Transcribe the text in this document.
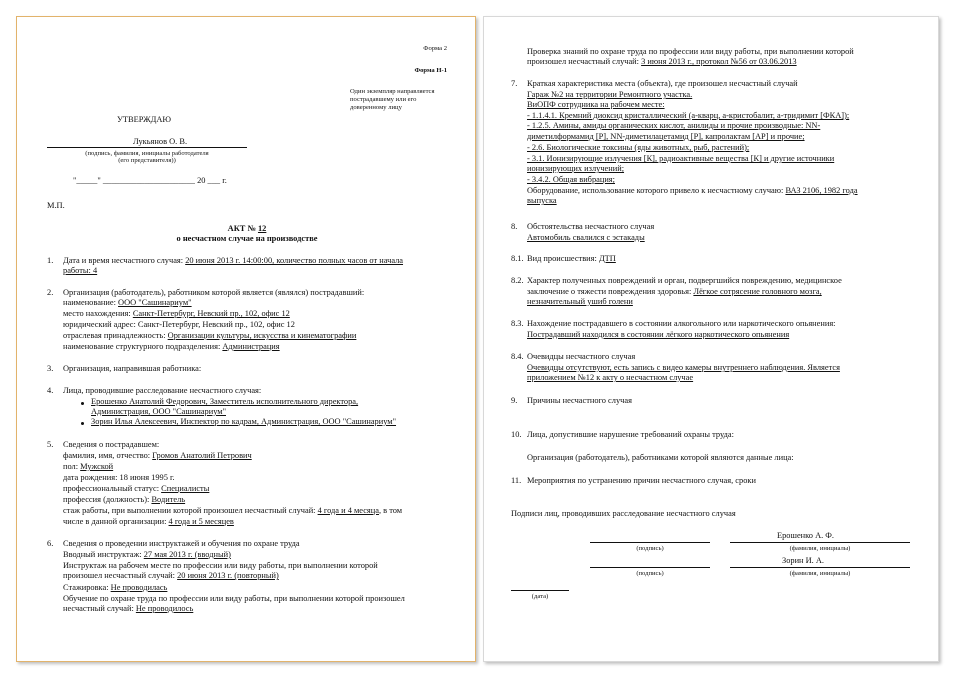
Форма 2
Форма Н-1
Один экземпляр направляется
пострадавшему или его
доверенному лицу
УТВЕРЖДАЮ
Лукьянов О. В.
(подпись, фамилия, инициалы работодателя
(его представителя))
"_____" ______________________ 20 ___ г.
М.П.
АКТ № 12
о несчастном случае на производстве
1. Дата и время несчастного случая: 20 июня 2013 г. 14:00:00, количество полных часов от начала
работы: 4
2. Организация (работодатель), работником которой является (являлся) пострадавший:
наименование: ООО "Сашинариум"
место нахождения: Санкт-Петербург, Невский пр., 102, офис 12
юридический адрес: Санкт-Петербург, Невский пр., 102, офис 12
отраслевая принадлежность: Организации культуры, искусства и кинематографии
наименование структурного подразделения: Администрация
3. Организация, направившая работника:
4. Лица, проводившие расследование несчастного случая:
Ерошенко Анатолий Федорович, Заместитель исполнительного директора,
Администрация, ООО "Сашинариум"
Зорин Илья Алексеевич, Инспектор по кадрам, Администрация, ООО "Сашинариум"
5. Сведения о пострадавшем:
фамилия, имя, отчество: Громов Анатолий Петрович
пол: Мужской
дата рождения: 18 июня 1995 г.
профессиональный статус: Специалисты
профессия (должность): Водитель
стаж работы, при выполнении которой произошел несчастный случай: 4 года и 4 месяца, в том
числе в данной организации: 4 года и 5 месяцев
6. Сведения о проведении инструктажей и обучения по охране труда
Вводный инструктаж: 27 мая 2013 г. (вводный)
Инструктаж на рабочем месте по профессии или виду работы, при выполнении которой
произошел несчастный случай: 20 июня 2013 г. (повторный)
Стажировка: Не проводилась
Обучение по охране труда по профессии или виду работы, при выполнении которой произошел
несчастный случай: Не проводилось
Проверка знаний по охране труда по профессии или виду работы, при выполнении которой
произошел несчастный случай: 3 июня 2013 г., протокол №56 от 03.06.2013
7. Краткая характеристика места (объекта), где произошел несчастный случай
Гараж №2 на территории Ремонтного участка.
ВиОПФ сотрудника на рабочем месте:
- 1.1.4.1. Кремний диоксид кристаллический (а-кварц, а-кристобалит, а-тридимит [ФКА]);
- 1.2.5. Амины, амиды органических кислот, анилиды и прочие производные: NN-
диметилформамид [Р], NN-диметилацетамид [Р], капролактам [АР] и прочие;
- 2.6. Биологические токсины (яды животных, рыб, растений);
- 3.1. Ионизирующие излучения [К], радиоактивные вещества [К] и другие источники
ионизирующих излучений;
- 3.4.2. Общая вибрация;
Оборудование, использование которого привело к несчастному случаю: ВАЗ 2106, 1982 года
выпуска
8. Обстоятельства несчастного случая
Автомобиль свалился с эстакады
8.1. Вид происшествия: ДТП
8.2. Характер полученных повреждений и орган, подвергшийся повреждению, медицинское
заключение о тяжести повреждения здоровья: Лёгкое сотрясение головного мозга,
незначительный ушиб голени
8.3. Нахождение пострадавшего в состоянии алкогольного или наркотического опьянения:
Пострадавший находился в состоянии лёгкого наркотического опьянения
8.4. Очевидцы несчастного случая
Очевидцы отсутствуют, есть запись с видео камеры внутреннего наблюдения. Является
приложением №12 к акту о несчастном случае
9. Причины несчастного случая
10. Лица, допустившие нарушение требований охраны труда:
Организация (работодатель), работниками которой являются данные лица:
11. Мероприятия по устранению причин несчастного случая, сроки
Подписи лиц, проводивших расследование несчастного случая
Ерошенко А. Ф.
(подпись)	(фамилия, инициалы)
Зорин И. А.
(подпись)	(фамилия, инициалы)
(дата)
